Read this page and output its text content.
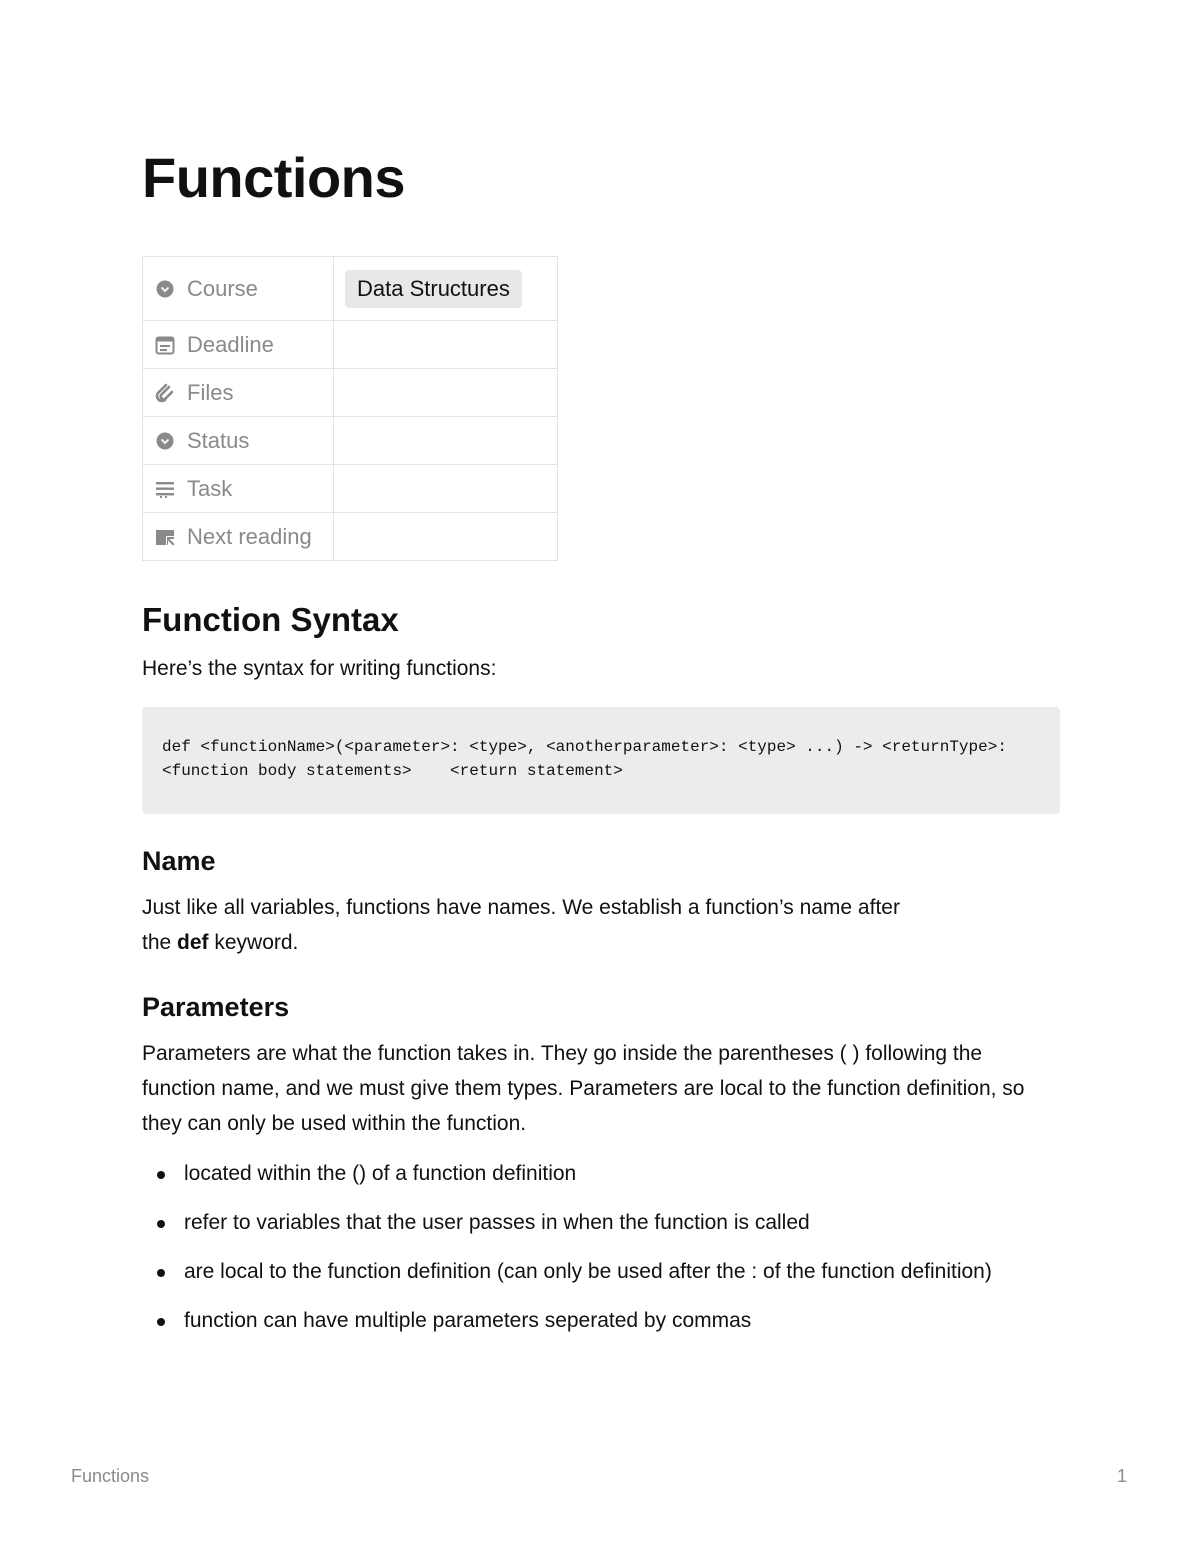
Functions
Course	Data Structures

Deadline	

Files	

Status	

Task	

Next reading	

Function Syntax

Here’s the syntax for writing functions:

def <functionName>(<parameter>: <type>, <anotherparameter>: <type> ...) -> <returnType>:
<function body statements>    <return statement>
Name

Just like all variables, functions have names. We establish a function’s name after
the def keyword.

Parameters

Parameters are what the function takes in. They go inside the parentheses ( ) following the function name, and we must give them types. Parameters are local to the function definition, so they can only be used within the function.

located within the () of a function definition
refer to variables that the user passes in when the function is called
are local to the function definition (can only be used after the : of the function definition)
function can have multiple parameters seperated by commas
Functions	1
